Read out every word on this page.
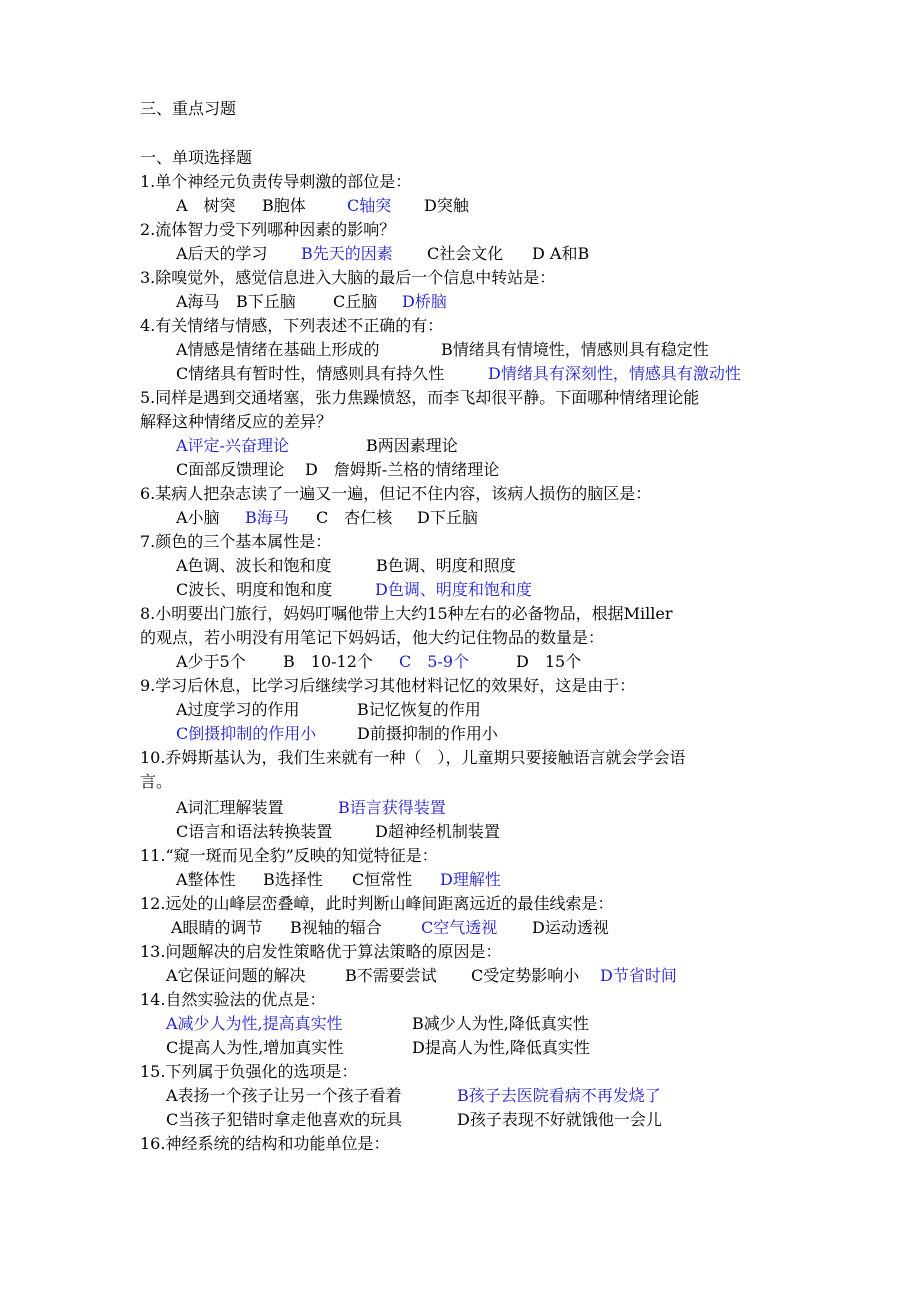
三、重点习题
一、单项选择题
1.单个神经元负责传导刺激的部位是：
A　树突 B胞体	C轴突 D突触
2.流体智力受下列哪种因素的影响？
A后天的学习 B先天的因素 C社会文化 D A和B
3.除嗅觉外，感觉信息进入大脑的最后一个信息中转站是：
A海马 B下丘脑 C丘脑 D桥脑
4.有关情绪与情感，下列表述不正确的有：
A情感是情绪在基础上形成的	B情绪具有情境性，情感则具有稳定性
C情绪具有暂时性，情感则具有持久性	D情绪具有深刻性，情感具有激动性
5.同样是遇到交通堵塞，张力焦躁愤怒，而李飞却很平静。下面哪种情绪理论能
解释这种情绪反应的差异？
A评定-兴奋理论	B两因素理论
C面部反馈理论 D　詹姆斯-兰格的情绪理论
6.某病人把杂志读了一遍又一遍，但记不住内容，该病人损伤的脑区是：
A小脑 B海马 C　杏仁核 D下丘脑
7.颜色的三个基本属性是：
A色调、波长和饱和度	B色调、明度和照度
C波长、明度和饱和度	D色调、明度和饱和度
8.小明要出门旅行，妈妈叮嘱他带上大约15种左右的必备物品，根据Miller
的观点，若小明没有用笔记下妈妈话，他大约记住物品的数量是：
A少于5个 B　10-12个 C　5-9个	D　15个
9.学习后休息，比学习后继续学习其他材料记忆的效果好，这是由于：
A过度学习的作用	B记忆恢复的作用
C倒摄抑制的作用小	D前摄抑制的作用小
10.乔姆斯基认为，我们生来就有一种（　），儿童期只要接触语言就会学会语
言。
A词汇理解装置	B语言获得装置
C语言和语法转换装置	D超神经机制装置
11.“窥一斑而见全豹”反映的知觉特征是：
A整体性 B选择性 C恒常性 D理解性
12.远处的山峰层峦叠嶂，此时判断山峰间距离远近的最佳线索是：
A眼睛的调节 B视轴的辐合 C空气透视 D运动透视
13.问题解决的启发性策略优于算法策略的原因是：
A它保证问题的解决 B不需要尝试 C受定势影响小 D节省时间
14.自然实验法的优点是：
A减少人为性,提高真实性	B减少人为性,降低真实性
C提高人为性,增加真实性	D提高人为性,降低真实性
15.下列属于负强化的选项是：
A表扬一个孩子让另一个孩子看着	B孩子去医院看病不再发烧了
C当孩子犯错时拿走他喜欢的玩具	D孩子表现不好就饿他一会儿
16.神经系统的结构和功能单位是：
